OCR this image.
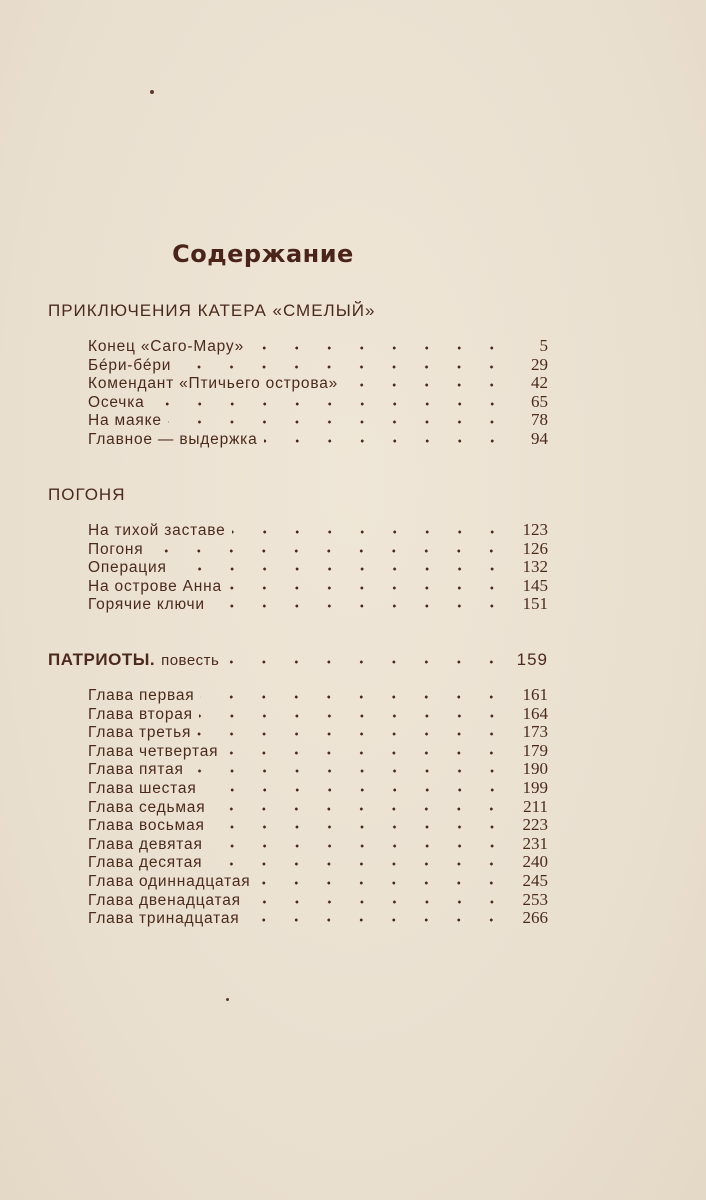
Содержание
ПРИКЛЮЧЕНИЯ КАТЕРА «СМЕЛЫЙ»
Конец «Саго-Мару»	5
Бéри-бéри	29
Комендант «Птичьего острова»	42
Осечка	65
На маяке	78
Главное — выдержка	94
ПОГОНЯ
На тихой заставе	123
Погоня	126
Операция	132
На острове Анна	145
Горячие ключи	151
ПАТРИОТЫ. повесть	159
Глава первая	161
Глава вторая	164
Глава третья	173
Глава четвертая	179
Глава пятая	190
Глава шестая	199
Глава седьмая	211
Глава восьмая	223
Глава девятая	231
Глава десятая	240
Глава одиннадцатая	245
Глава двенадцатая	253
Глава тринадцатая	266
